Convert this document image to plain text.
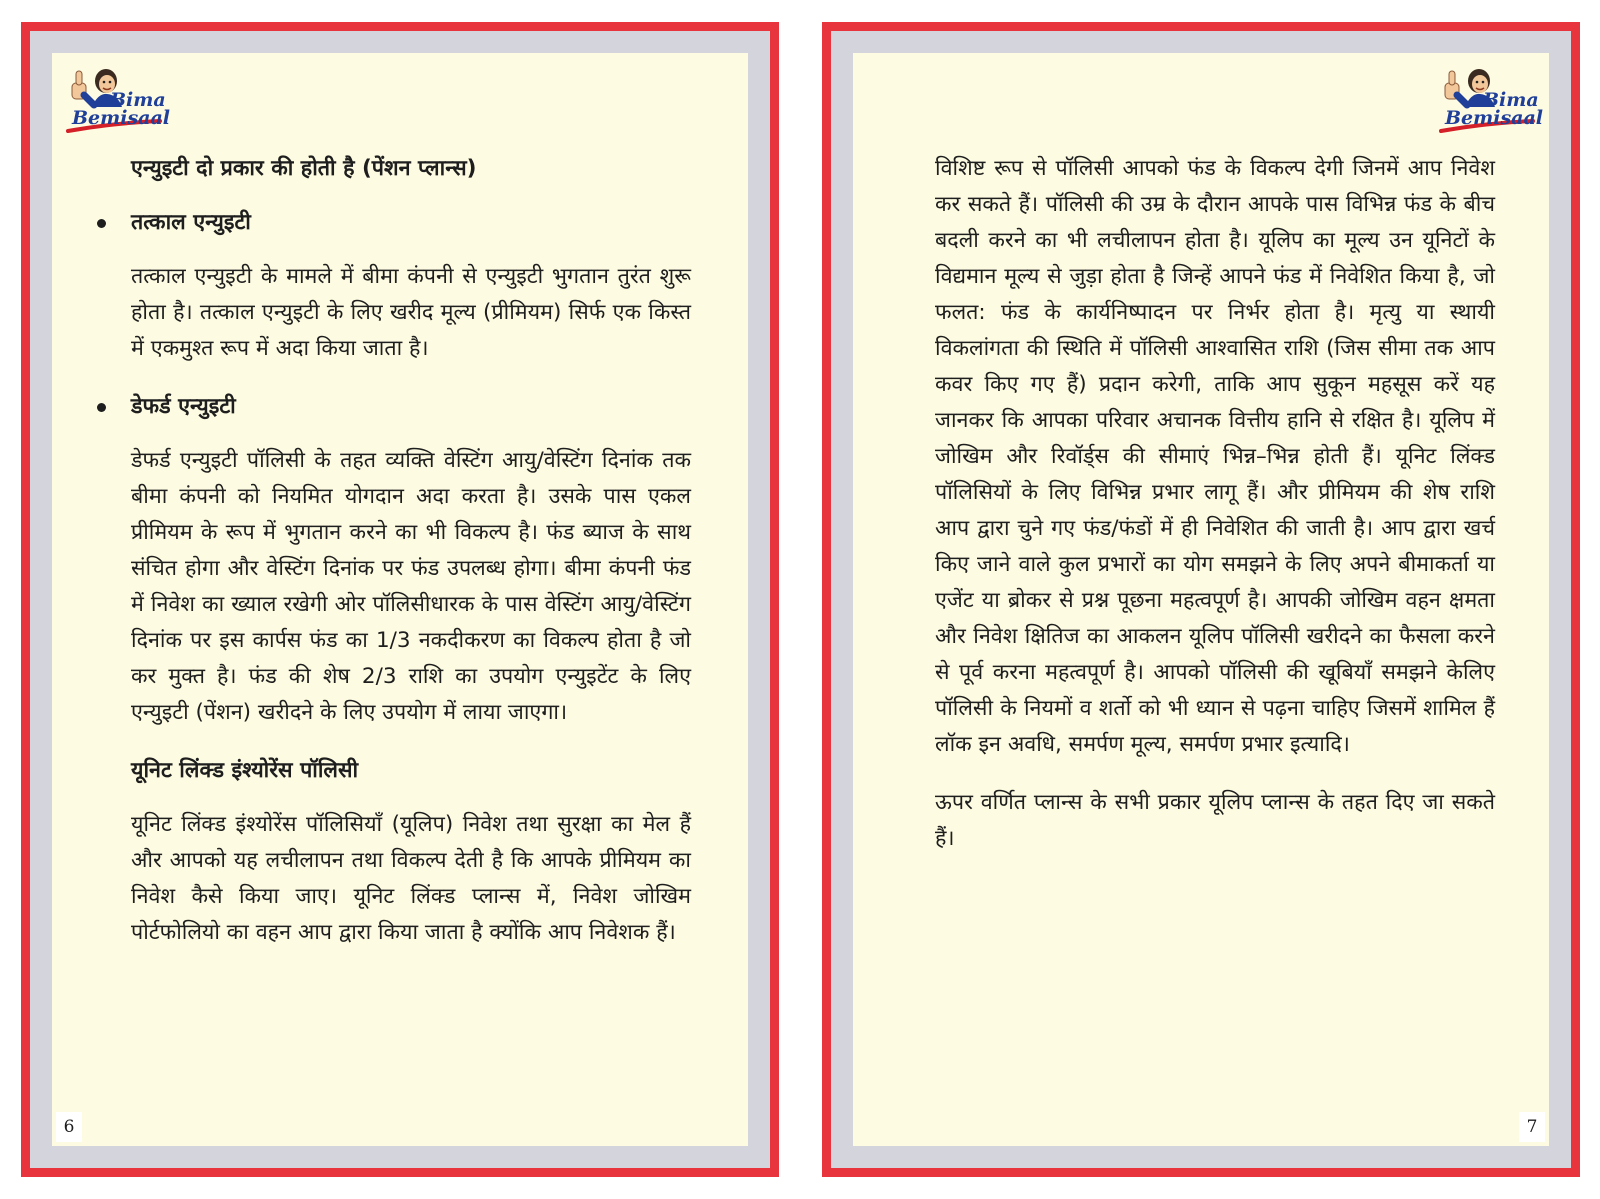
Bima
Bemisaal
एन्युइटी दो प्रकार की होती है (पेंशन प्लान्स)
तत्काल एन्युइटी

तत्काल एन्युइटी के मामले में बीमा कंपनी से एन्युइटी भुगतान तुरंत शुरू होता है। तत्काल एन्युइटी के लिए खरीद मूल्य (प्रीमियम) सिर्फ एक किस्त में एकमुश्त रूप में अदा किया जाता है।

डेफर्ड एन्युइटी

डेफर्ड एन्युइटी पॉलिसी के तहत व्यक्ति वेस्टिंग आयु/वेस्टिंग दिनांक तक बीमा कंपनी को नियमित योगदान अदा करता है। उसके पास एकल प्रीमियम के रूप में भुगतान करने का भी विकल्प है। फंड ब्याज के साथ संचित होगा और वेस्टिंग दिनांक पर फंड उपलब्ध होगा। बीमा कंपनी फंड में निवेश का ख्याल रखेगी ओर पॉलिसीधारक के पास वेस्टिंग आयु/वेस्टिंग दिनांक पर इस कार्पस फंड का 1/3 नकदीकरण का विकल्प होता है जो कर मुक्त है। फंड की शेष 2/3 राशि का उपयोग एन्युइटेंट के लिए एन्युइटी (पेंशन) खरीदने के लिए उपयोग में लाया जाएगा।

यूनिट लिंक्ड इंश्योरेंस पॉलिसी

यूनिट लिंक्ड इंश्योरेंस पॉलिसियाँ (यूलिप) निवेश तथा सुरक्षा का मेल हैं और आपको यह लचीलापन तथा विकल्प देती है कि आपके प्रीमियम का निवेश कैसे किया जाए। यूनिट लिंक्ड प्लान्स में, निवेश जोखिम पोर्टफोलियो का वहन आप द्वारा किया जाता है क्योंकि आप निवेशक हैं।

6
Bima
Bemisaal

विशिष्ट रूप से पॉलिसी आपको फंड के विकल्प देगी जिनमें आप निवेश कर सकते हैं। पॉलिसी की उम्र के दौरान आपके पास विभिन्न फंड के बीच बदली करने का भी लचीलापन होता है। यूलिप का मूल्य उन यूनिटों के विद्यमान मूल्य से जुड़ा होता है जिन्हें आपने फंड में निवेशित किया है, जो फलत: फंड के कार्यनिष्पादन पर निर्भर होता है। मृत्यु या स्थायी विकलांगता की स्थिति में पॉलिसी आश्वासित राशि (जिस सीमा तक आप कवर किए गए हैं) प्रदान करेगी, ताकि आप सुकून महसूस करें यह जानकर कि आपका परिवार अचानक वित्तीय हानि से रक्षित है। यूलिप में जोखिम और रिवॉर्ड्स की सीमाएं भिन्न–भिन्न होती हैं। यूनिट लिंक्ड पॉलिसियों के लिए विभिन्न प्रभार लागू हैं। और प्रीमियम की शेष राशि आप द्वारा चुने गए फंड/फंडों में ही निवेशित की जाती है। आप द्वारा खर्च किए जाने वाले कुल प्रभारों का योग समझने के लिए अपने बीमाकर्ता या एजेंट या ब्रोकर से प्रश्न पूछना महत्वपूर्ण है। आपकी जोखिम वहन क्षमता और निवेश क्षितिज का आकलन यूलिप पॉलिसी खरीदने का फैसला करने से पूर्व करना महत्वपूर्ण है। आपको पॉलिसी की खूबियाँ समझने केलिए पॉलिसी के नियमों व शर्तो को भी ध्यान से पढ़ना चाहिए जिसमें शामिल हैं लॉक इन अवधि, समर्पण मूल्य, समर्पण प्रभार इत्यादि।

ऊपर वर्णित प्लान्स के सभी प्रकार यूलिप प्लान्स के तहत दिए जा सकते हैं।

7
